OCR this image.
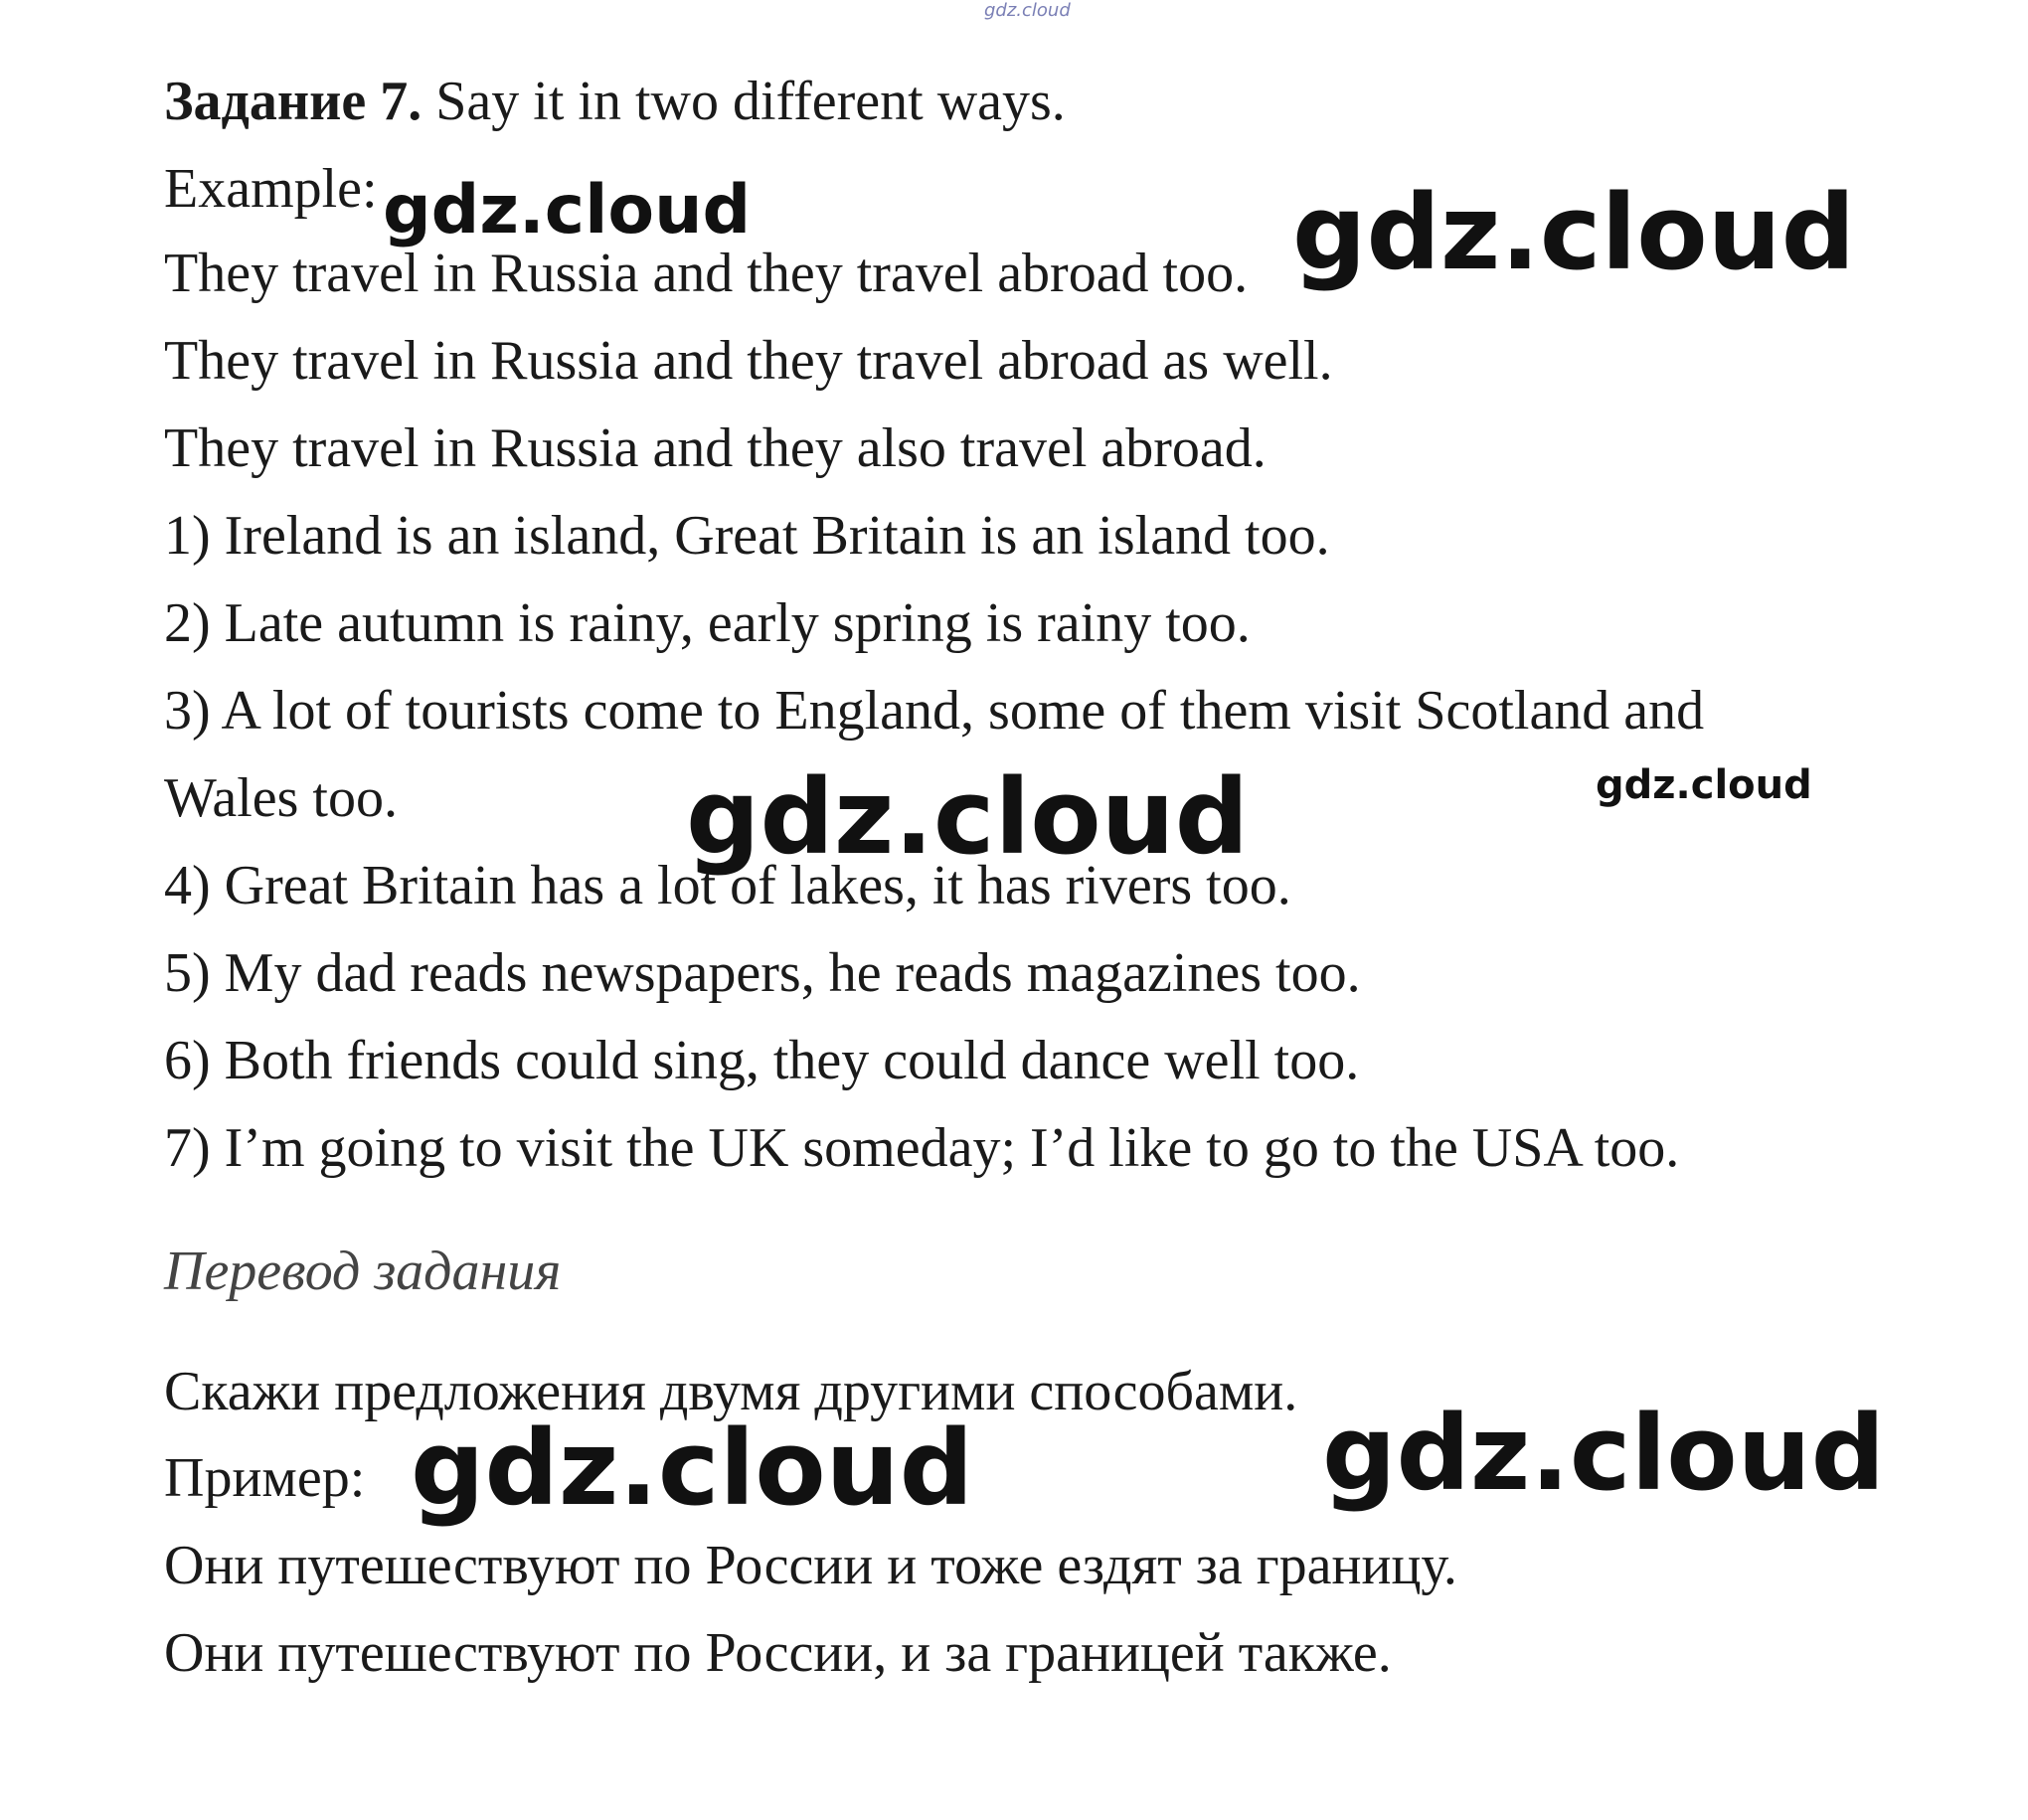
gdz.cloud
Задание 7. Say it in two different ways.
Example:
They travel in Russia and they travel abroad too.
They travel in Russia and they travel abroad as well.
They travel in Russia and they also travel abroad.
1) Ireland is an island, Great Britain is an island too.
2) Late autumn is rainy, early spring is rainy too.
3) A lot of tourists come to England, some of them visit Scotland and
Wales too.
4) Great Britain has a lot of lakes, it has rivers too.
5) My dad reads newspapers, he reads magazines too.
6) Both friends could sing, they could dance well too.
7) I’m going to visit the UK someday; I’d like to go to the USA too.
Перевод задания
Скажи предложения двумя другими способами.
Пример:
Они путешествуют по России и тоже ездят за границу.
Они путешествуют по России, и за границей также.
gdz.cloud	gdz.cloud
gdz.cloud	gdz.cloud
gdz.cloud	gdz.cloud
